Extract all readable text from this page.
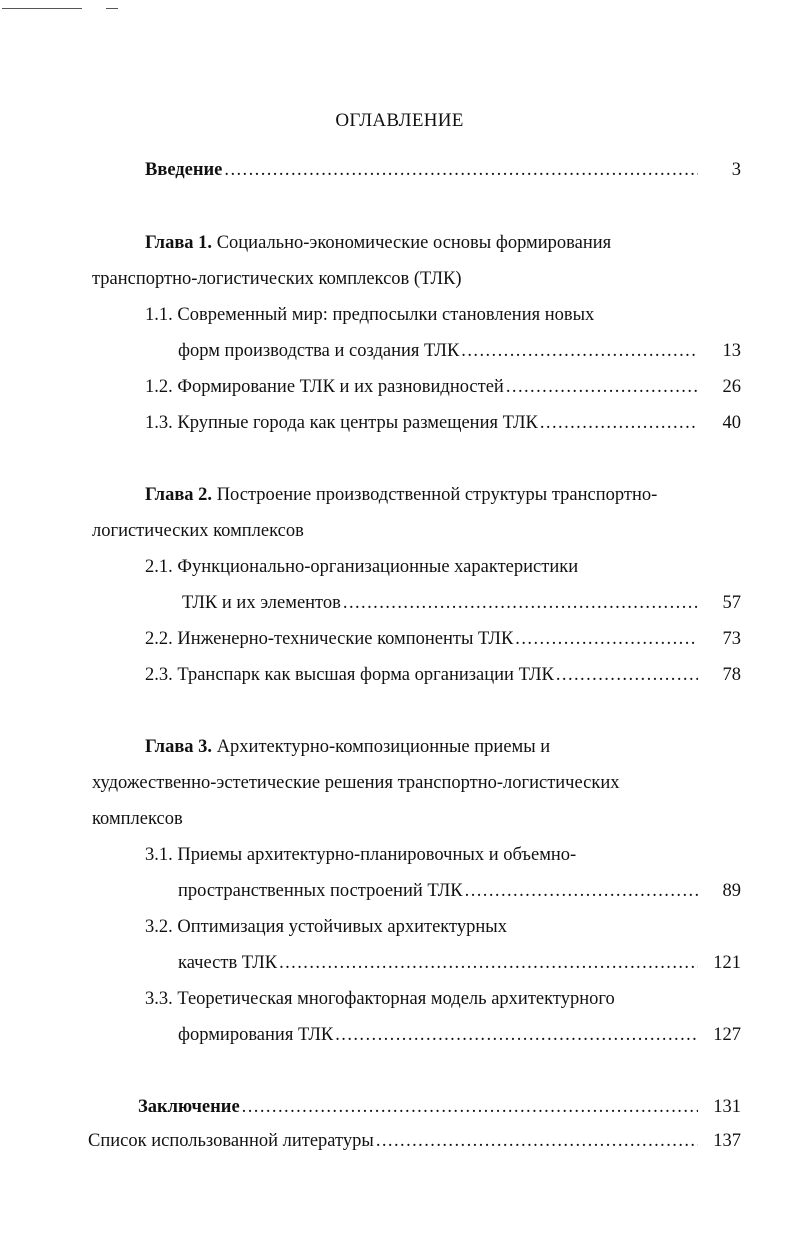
ОГЛАВЛЕНИЕ
Введение . . .	3
Глава 1. Социально-экономические основы формирования
транспортно-логистических комплексов (ТЛК)
1.1. Современный мир: предпосылки становления новых
форм производства и создания ТЛК . . .	13
1.2. Формирование ТЛК и их разновидностей . . .	26
1.3. Крупные города как центры размещения ТЛК . . .	40
Глава 2. Построение производственной структуры транспортно-
логистических комплексов
2.1. Функционально-организационные характеристики
ТЛК и их элементов . . .	57
2.2. Инженерно-технические компоненты ТЛК . . .	73
2.3. Транспарк как высшая форма организации ТЛК . . .	78
Глава 3. Архитектурно-композиционные приемы и
художественно-эстетические решения транспортно-логистических
комплексов
3.1. Приемы архитектурно-планировочных и объемно-
пространственных построений ТЛК . . .	89
3.2. Оптимизация устойчивых архитектурных
качеств ТЛК . . .	121
3.3. Теоретическая многофакторная модель архитектурного
формирования ТЛК . . .	127
Заключение . . .	131
Список использованной литературы . . .	137
